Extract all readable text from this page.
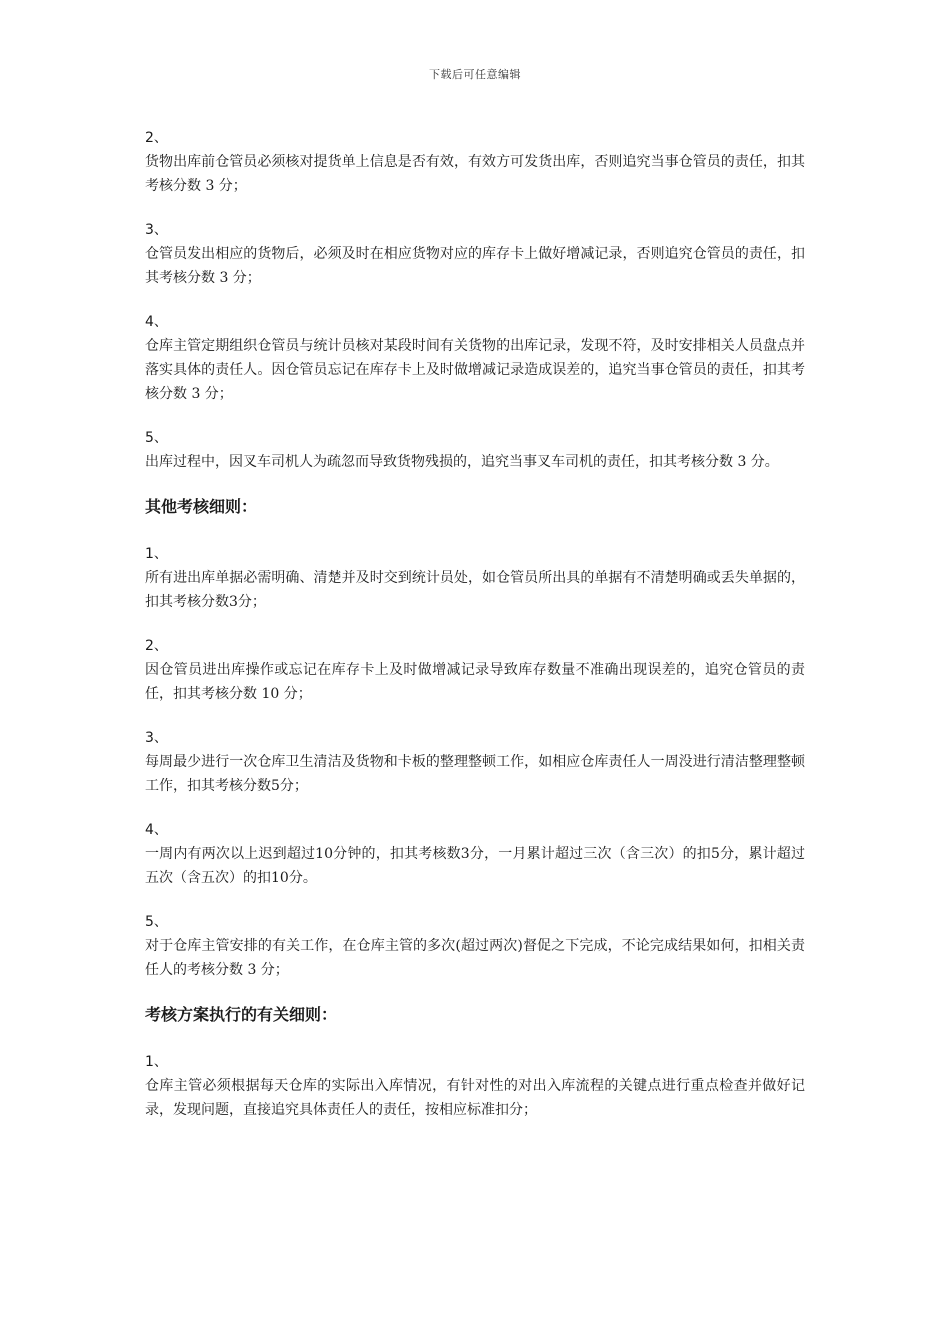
下载后可任意编辑
2、
货物出库前仓管员必须核对提货单上信息是否有效，有效方可发货出库，否则追究当事仓管员的责任，扣其考核分数 3 分；
3、
仓管员发出相应的货物后，必须及时在相应货物对应的库存卡上做好增减记录，否则追究仓管员的责任，扣其考核分数 3 分；
4、
仓库主管定期组织仓管员与统计员核对某段时间有关货物的出库记录，发现不符，及时安排相关人员盘点并落实具体的责任人。因仓管员忘记在库存卡上及时做增减记录造成误差的，追究当事仓管员的责任，扣其考核分数 3 分；
5、
出库过程中，因叉车司机人为疏忽而导致货物残损的，追究当事叉车司机的责任，扣其考核分数 3 分。
其他考核细则：
1、
所有进出库单据必需明确、清楚并及时交到统计员处，如仓管员所出具的单据有不清楚明确或丢失单据的，扣其考核分数3分；
2、
因仓管员进出库操作或忘记在库存卡上及时做增减记录导致库存数量不准确出现误差的，追究仓管员的责任，扣其考核分数 10 分；
3、
每周最少进行一次仓库卫生清洁及货物和卡板的整理整顿工作，如相应仓库责任人一周没进行清洁整理整顿工作，扣其考核分数5分；
4、
一周内有两次以上迟到超过10分钟的，扣其考核数3分，一月累计超过三次（含三次）的扣5分，累计超过五次（含五次）的扣10分。
5、
对于仓库主管安排的有关工作，在仓库主管的多次(超过两次)督促之下完成，不论完成结果如何，扣相关责任人的考核分数 3 分；
考核方案执行的有关细则：
1、
仓库主管必须根据每天仓库的实际出入库情况，有针对性的对出入库流程的关键点进行重点检查并做好记录，发现问题，直接追究具体责任人的责任，按相应标准扣分；
